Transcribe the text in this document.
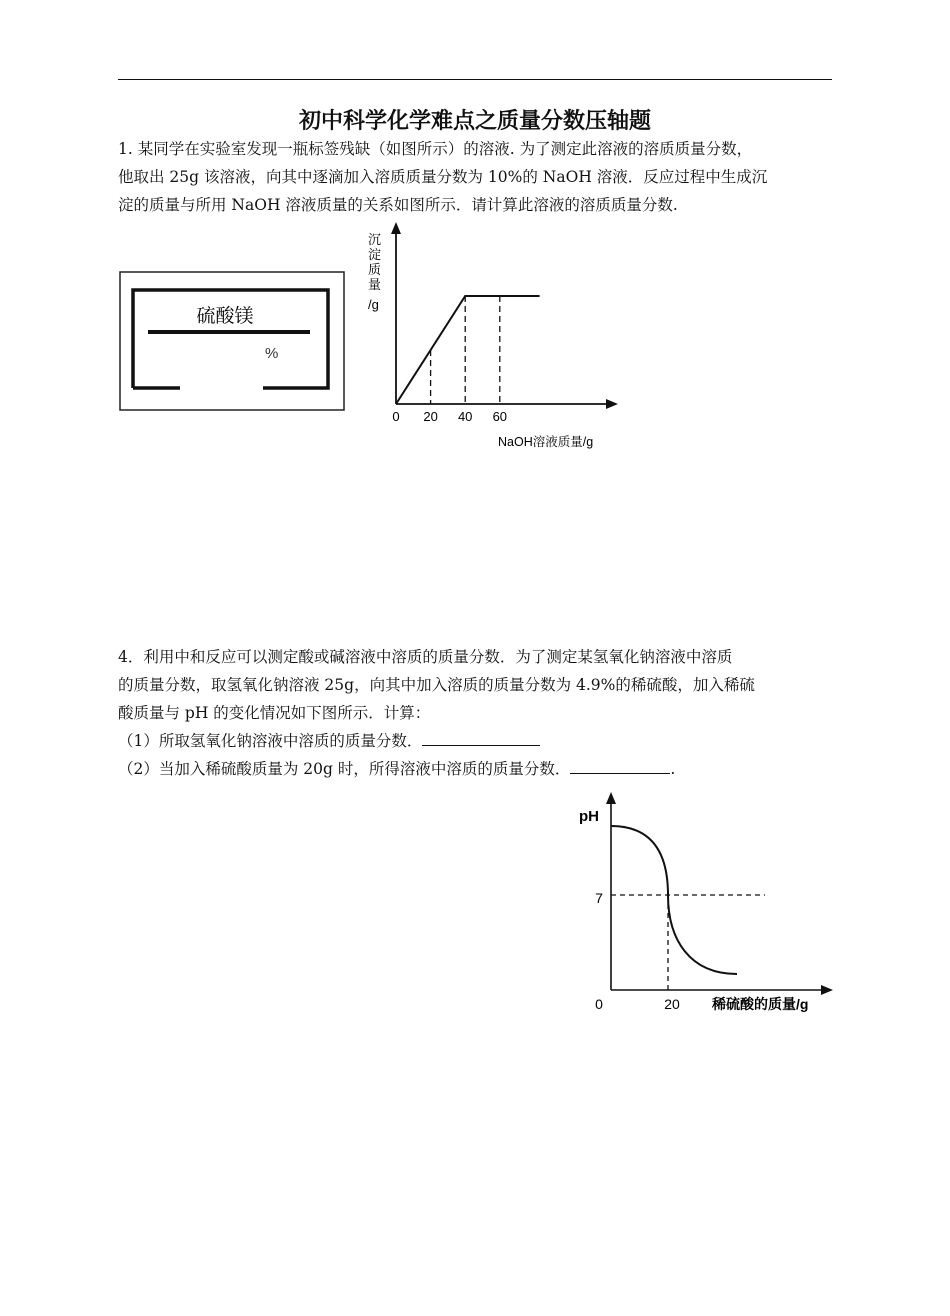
初中科学化学难点之质量分数压轴题
1. 某同学在实验室发现一瓶标签残缺（如图所示）的溶液. 为了测定此溶液的溶质质量分数，
他取出 25g 该溶液，向其中逐滴加入溶质质量分数为 10%的 NaOH 溶液．反应过程中生成沉
淀的质量与所用 NaOH 溶液质量的关系如图所示．请计算此溶液的溶质质量分数.
硫酸镁
%
沉
淀
质
量
/g
0 20 40 60
NaOH溶液质量/g
4．利用中和反应可以测定酸或碱溶液中溶质的质量分数．为了测定某氢氧化钠溶液中溶质
的质量分数，取氢氧化钠溶液 25g，向其中加入溶质的质量分数为 4.9%的稀硫酸，加入稀硫
酸质量与 pH 的变化情况如下图所示．计算：
（1）所取氢氧化钠溶液中溶质的质量分数．
（2）当加入稀硫酸质量为 20g 时，所得溶液中溶质的质量分数．	.
pH
7
0	20 稀硫酸的质量/g
